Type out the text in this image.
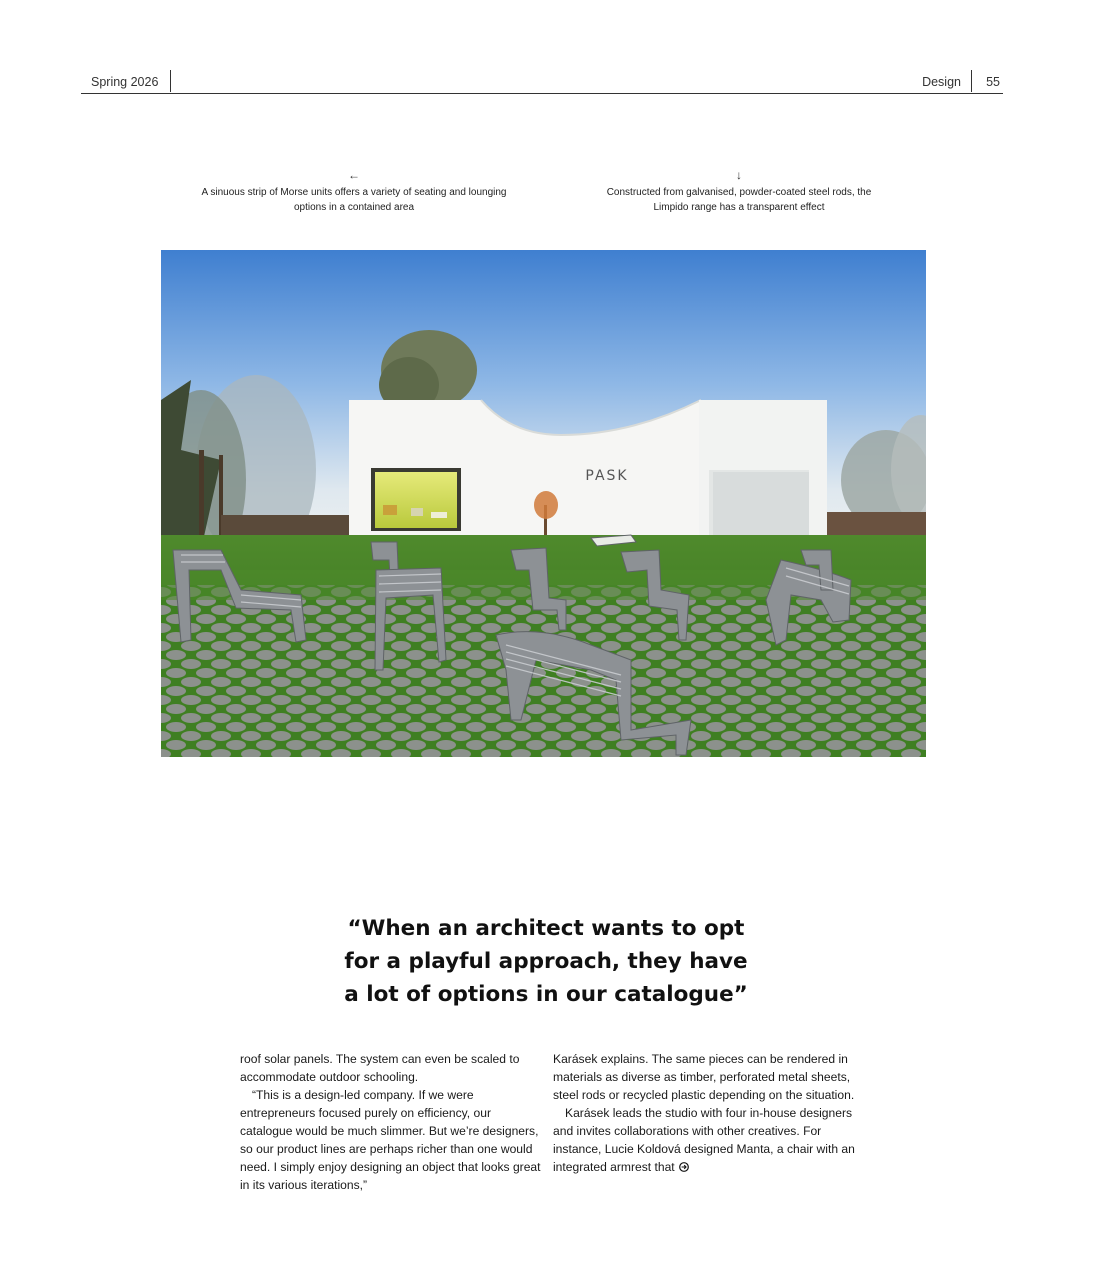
Spring 2026	Design 55
←
A sinuous strip of Morse units offers a variety of seating and lounging options in a contained area
↓
Constructed from galvanised, powder-coated steel rods, the Limpido range has a transparent effect
PASK
“When an architect wants to opt
for a playful approach, they have
a lot of options in our catalogue”

roof solar panels. The system can even be scaled to accommodate outdoor schooling.

“This is a design-led company. If we were entrepreneurs focused purely on efficiency, our catalogue would be much slimmer. But we’re designers, so our product lines are perhaps richer than one would need. I simply enjoy designing an object that looks great in its various iterations,”

Karásek explains. The same pieces can be rendered in materials as diverse as timber, perforated metal sheets, steel rods or recycled plastic depending on the situation.

Karásek leads the studio with four in-house designers and invites collaborations with other creatives. For instance, Lucie Koldová designed Manta, a chair with an integrated armrest that
